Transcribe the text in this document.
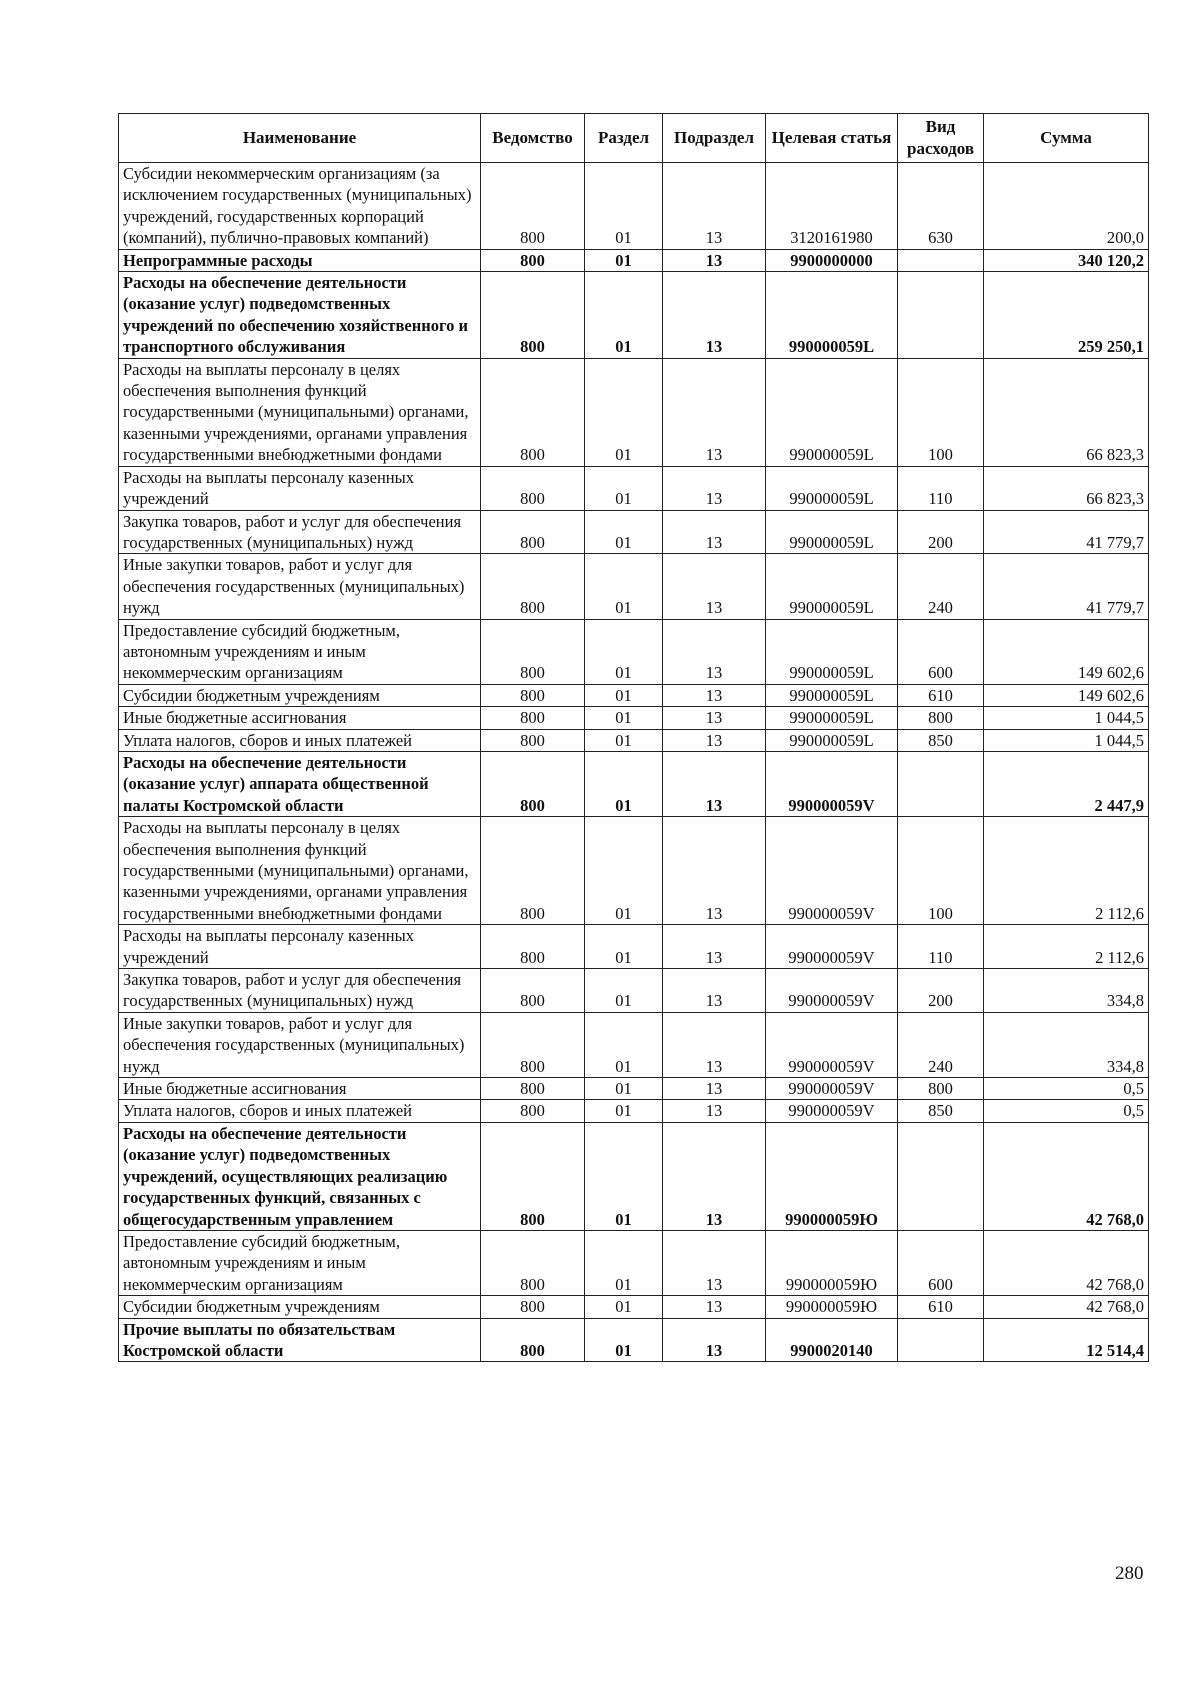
Наименование	Ведомство	Раздел	Подраздел	Целевая статья	Вид расходов	Сумма
Субсидии некоммерческим организациям (за исключением государственных (муниципальных) учреждений, государственных корпораций (компаний), публично-правовых компаний)	800	01	13	3120161980	630	200,0
Непрограммные расходы	800	01	13	9900000000		340 120,2
Расходы на обеспечение деятельности (оказание услуг) подведомственных учреждений по обеспечению хозяйственного и транспортного обслуживания	800	01	13	990000059L		259 250,1
Расходы на выплаты персоналу в целях обеспечения выполнения функций государственными (муниципальными) органами, казенными учреждениями, органами управления государственными внебюджетными фондами	800	01	13	990000059L	100	66 823,3
Расходы на выплаты персоналу казенных учреждений	800	01	13	990000059L	110	66 823,3
Закупка товаров, работ и услуг для обеспечения государственных (муниципальных) нужд	800	01	13	990000059L	200	41 779,7
Иные закупки товаров, работ и услуг для обеспечения государственных (муниципальных) нужд	800	01	13	990000059L	240	41 779,7
Предоставление субсидий бюджетным, автономным учреждениям и иным некоммерческим организациям	800	01	13	990000059L	600	149 602,6
Субсидии бюджетным учреждениям	800	01	13	990000059L	610	149 602,6
Иные бюджетные ассигнования	800	01	13	990000059L	800	1 044,5
Уплата налогов, сборов и иных платежей	800	01	13	990000059L	850	1 044,5
Расходы на обеспечение деятельности (оказание услуг) аппарата общественной палаты Костромской области	800	01	13	990000059V		2 447,9
Расходы на выплаты персоналу в целях обеспечения выполнения функций государственными (муниципальными) органами, казенными учреждениями, органами управления государственными внебюджетными фондами	800	01	13	990000059V	100	2 112,6
Расходы на выплаты персоналу казенных учреждений	800	01	13	990000059V	110	2 112,6
Закупка товаров, работ и услуг для обеспечения государственных (муниципальных) нужд	800	01	13	990000059V	200	334,8
Иные закупки товаров, работ и услуг для обеспечения государственных (муниципальных) нужд	800	01	13	990000059V	240	334,8
Иные бюджетные ассигнования	800	01	13	990000059V	800	0,5
Уплата налогов, сборов и иных платежей	800	01	13	990000059V	850	0,5
Расходы на обеспечение деятельности (оказание услуг) подведомственных учреждений, осуществляющих реализацию государственных функций, связанных с общегосударственным управлением	800	01	13	990000059Ю		42 768,0
Предоставление субсидий бюджетным, автономным учреждениям и иным некоммерческим организациям	800	01	13	990000059Ю	600	42 768,0
Субсидии бюджетным учреждениям	800	01	13	990000059Ю	610	42 768,0
Прочие выплаты по обязательствам Костромской области	800	01	13	9900020140		12 514,4
280
